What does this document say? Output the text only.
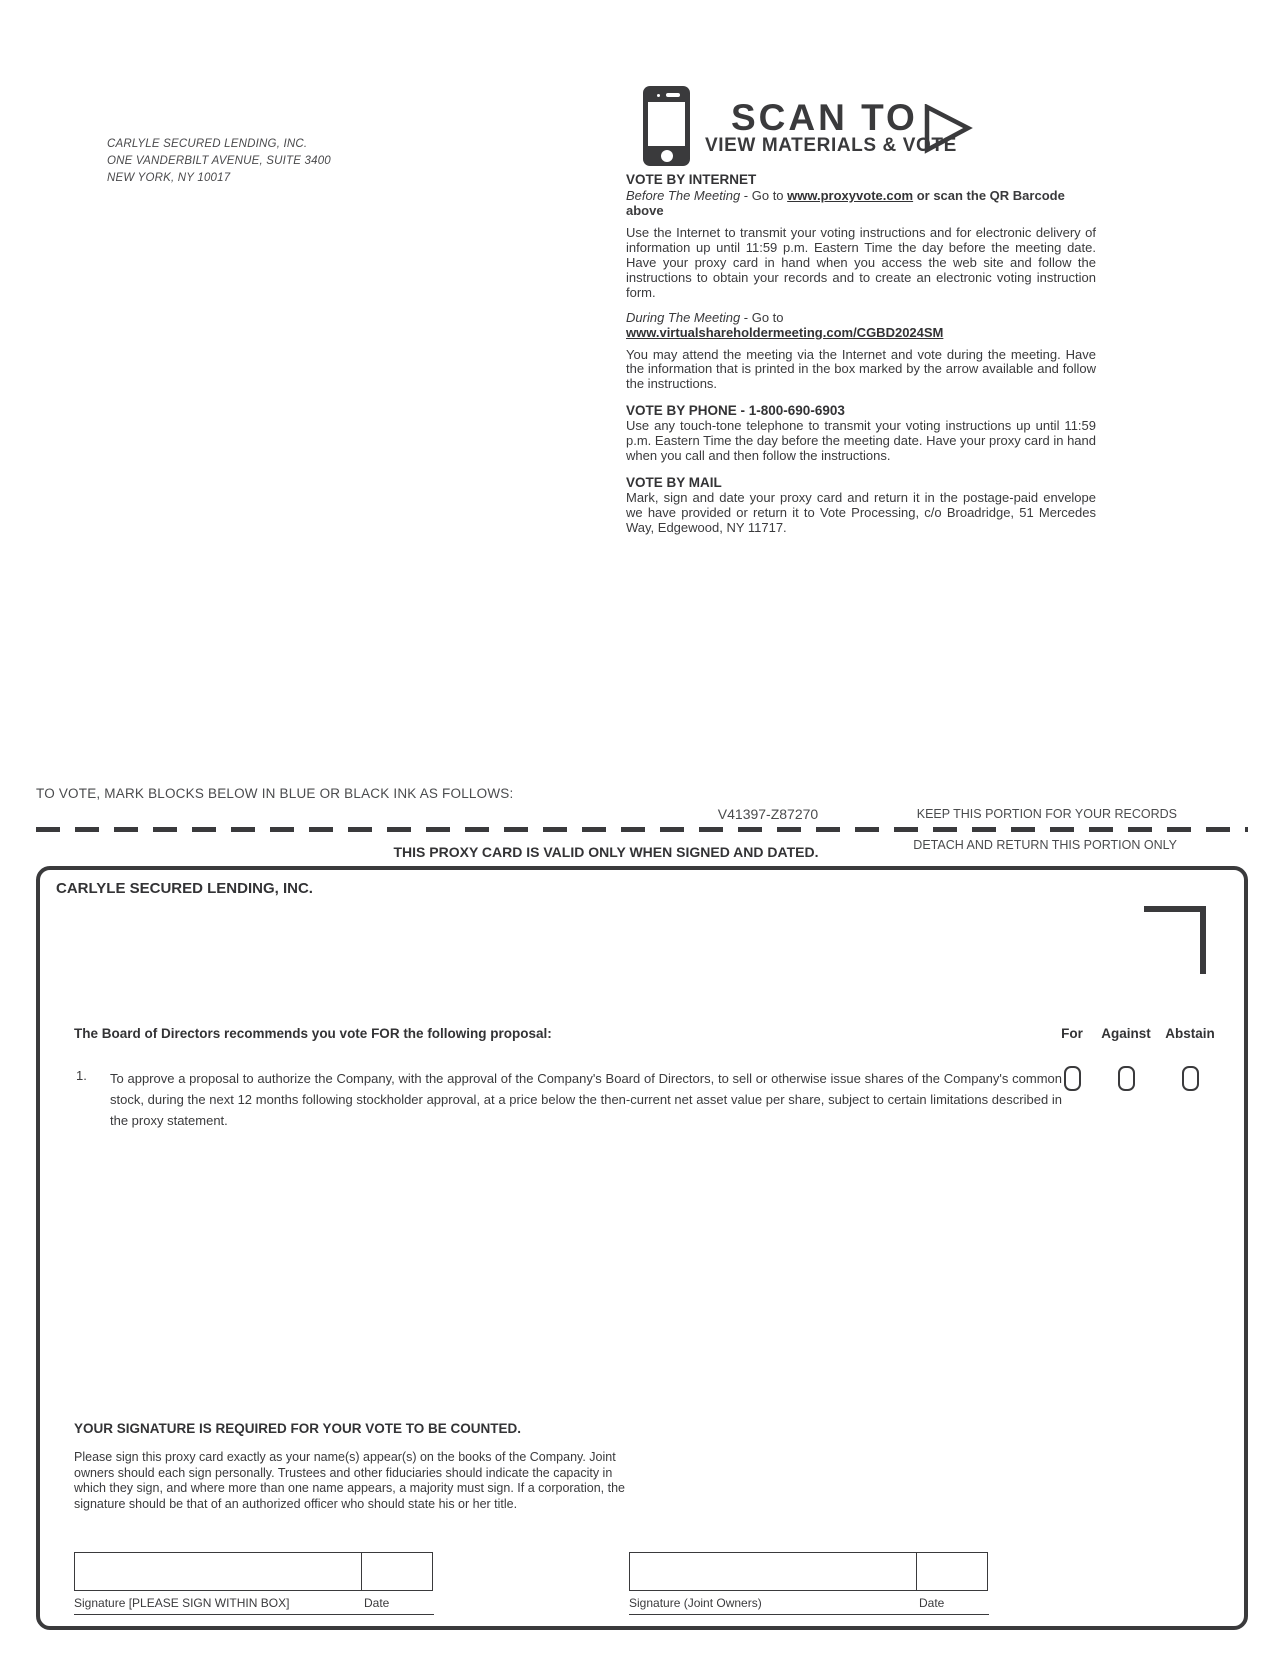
CARLYLE SECURED LENDING, INC.
ONE VANDERBILT AVENUE, SUITE 3400
NEW YORK, NY 10017
SCAN TO
VIEW MATERIALS & VOTE
VOTE BY INTERNET
Before The Meeting - Go to www.proxyvote.com or scan the QR Barcode above

Use the Internet to transmit your voting instructions and for electronic delivery of information up until 11:59 p.m. Eastern Time the day before the meeting date. Have your proxy card in hand when you access the web site and follow the instructions to obtain your records and to create an electronic voting instruction form.

During The Meeting - Go to www.virtualshareholdermeeting.com/CGBD2024SM

You may attend the meeting via the Internet and vote during the meeting. Have the information that is printed in the box marked by the arrow available and follow the instructions.

VOTE BY PHONE - 1-800-690-6903

Use any touch-tone telephone to transmit your voting instructions up until 11:59 p.m. Eastern Time the day before the meeting date. Have your proxy card in hand when you call and then follow the instructions.

VOTE BY MAIL

Mark, sign and date your proxy card and return it in the postage-paid envelope we have provided or return it to Vote Processing, c/o Broadridge, 51 Mercedes Way, Edgewood, NY 11717.

TO VOTE, MARK BLOCKS BELOW IN BLUE OR BLACK INK AS FOLLOWS:
V41397-Z87270	KEEP THIS PORTION FOR YOUR RECORDS
DETACH AND RETURN THIS PORTION ONLY
THIS PROXY CARD IS VALID ONLY WHEN SIGNED AND DATED.
CARLYLE SECURED LENDING, INC.
The Board of Directors recommends you vote FOR the following proposal:	For	Against	Abstain
1. To approve a proposal to authorize the Company, with the approval of the Company's Board of Directors, to sell or otherwise issue shares of the Company's common stock, during the next 12 months following stockholder approval, at a price below the then-current net asset value per share, subject to certain limitations described in the proxy statement.
YOUR SIGNATURE IS REQUIRED FOR YOUR VOTE TO BE COUNTED.
Please sign this proxy card exactly as your name(s) appear(s) on the books of the Company. Joint owners should each sign personally. Trustees and other fiduciaries should indicate the capacity in which they sign, and where more than one name appears, a majority must sign. If a corporation, the signature should be that of an authorized officer who should state his or her title.
Signature [PLEASE SIGN WITHIN BOX]	Date	Signature (Joint Owners)	Date
